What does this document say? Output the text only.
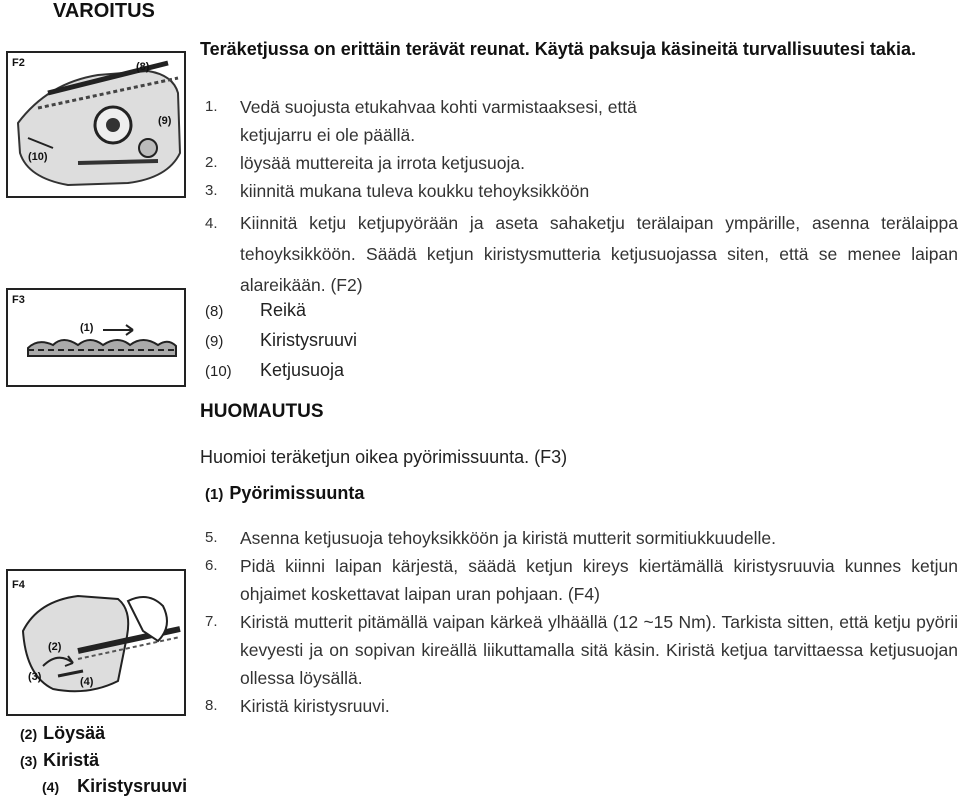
VAROITUS
F2	(8)
(9)
(10)
Teräketjussa on erittäin terävät reunat. Käytä paksuja käsineitä turvallisuutesi takia.
1.	Vedä suojusta etukahvaa kohti varmistaaksesi, että ketjujarru ei ole päällä.
2.	löysää muttereita ja irrota ketjusuoja.
3.	kiinnitä mukana tuleva koukku tehoyksikköön
4.	Kiinnitä ketju ketjupyörään ja aseta sahaketju terälaipan ympärille, asenna terälaippa tehoyksikköön. Säädä ketjun kiristysmutteria ketjusuojassa siten, että se menee laipan alareikään. (F2)
(8) Reikä
(9) Kiristysruuvi
(10) Ketjusuoja
F3
(1)
HUOMAUTUS
Huomioi teräketjun oikea pyörimissuunta. (F3)
(1) Pyörimissuunta
5.	Asenna ketjusuoja tehoyksikköön ja kiristä mutterit sormitiukkuudelle.
6.	Pidä kiinni laipan kärjestä, säädä ketjun kireys kiertämällä kiristysruuvia kunnes ketjun ohjaimet koskettavat laipan uran pohjaan. (F4)
7.	Kiristä mutterit pitämällä vaipan kärkeä ylhäällä (12 ~15 Nm). Tarkista sitten, että ketju pyörii kevyesti ja on sopivan kireällä liikuttamalla sitä käsin. Kiristä ketjua tarvittaessa ketjusuojan ollessa löysällä.
8.	Kiristä kiristysruuvi.
F4
(2)
(3)	(4)
(2) Löysää
(3) Kiristä
(4) Kiristysruuvi
